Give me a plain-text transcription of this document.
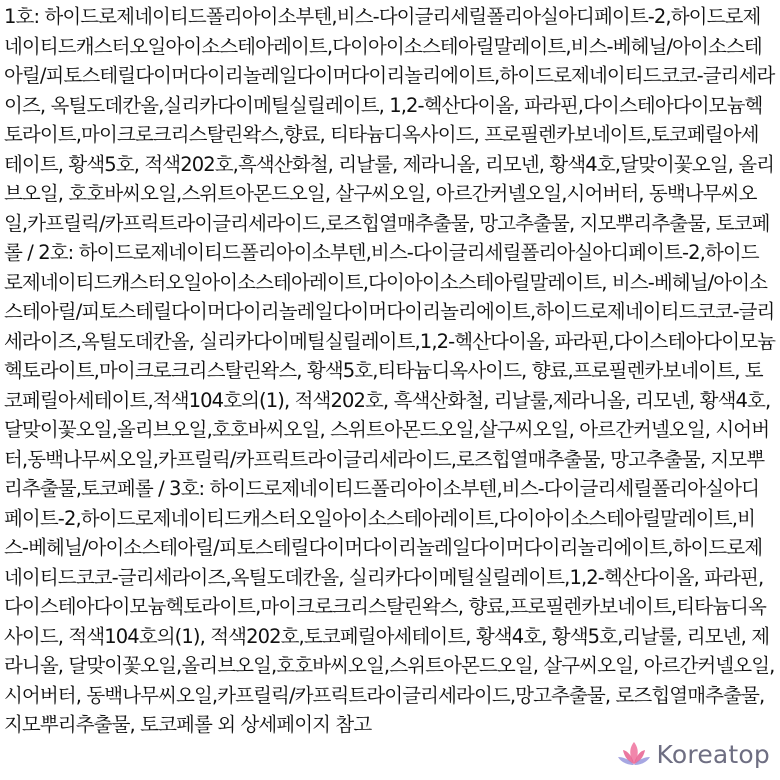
1호: 하이드로제네이티드폴리아이소부텐,비스-다이글리세릴폴리아실아디페이트-2,하이드로제네이티드캐스터오일아이소스테아레이트,다이아이소스테아릴말레이트,비스-베헤닐/아이소스테아릴/피토스테릴다이머다이리놀레일다이머다이리놀리에이트,하이드로제네이티드코코-글리세라이즈, 옥틸도데칸올,실리카다이메틸실릴레이트, 1,2-헥산다이올, 파라핀,다이스테아다이모늄헥토라이트,마이크로크리스탈린왁스,향료, 티타늄디옥사이드, 프로필렌카보네이트,토코페릴아세테이트, 황색5호, 적색202호,흑색산화철, 리날룰, 제라니올, 리모넨, 황색4호,달맞이꽃오일, 올리브오일, 호호바씨오일,스위트아몬드오일, 살구씨오일, 아르간커넬오일,시어버터, 동백나무씨오일,카프릴릭/카프릭트라이글리세라이드,로즈힙열매추출물, 망고추출물, 지모뿌리추출물, 토코페롤 / 2호: 하이드로제네이티드폴리아이소부텐,비스-다이글리세릴폴리아실아디페이트-2,하이드로제네이티드캐스터오일아이소스테아레이트,다이아이소스테아릴말레이트, 비스-베헤닐/아이소스테아릴/피토스테릴다이머다이리놀레일다이머다이리놀리에이트,하이드로제네이티드코코-글리세라이즈,옥틸도데칸올, 실리카다이메틸실릴레이트,1,2-헥산다이올, 파라핀,다이스테아다이모늄헥토라이트,마이크로크리스탈린왁스, 황색5호,티타늄디옥사이드, 향료,프로필렌카보네이트, 토코페릴아세테이트,적색104호의(1), 적색202호, 흑색산화철, 리날룰,제라니올, 리모넨, 황색4호, 달맞이꽃오일,올리브오일,호호바씨오일, 스위트아몬드오일,살구씨오일, 아르간커넬오일, 시어버터,동백나무씨오일,카프릴릭/카프릭트라이글리세라이드,로즈힙열매추출물, 망고추출물, 지모뿌리추출물,토코페롤 / 3호: 하이드로제네이티드폴리아이소부텐,비스-다이글리세릴폴리아실아디페이트-2,하이드로제네이티드캐스터오일아이소스테아레이트,다이아이소스테아릴말레이트,비스-베헤닐/아이소스테아릴/피토스테릴다이머다이리놀레일다이머다이리놀리에이트,하이드로제네이티드코코-글리세라이즈,옥틸도데칸올, 실리카다이메틸실릴레이트,1,2-헥산다이올, 파라핀,다이스테아다이모늄헥토라이트,마이크로크리스탈린왁스, 향료,프로필렌카보네이트,티타늄디옥사이드, 적색104호의(1), 적색202호,토코페릴아세테이트, 황색4호, 황색5호,리날룰, 리모넨, 제라니올, 달맞이꽃오일,올리브오일,호호바씨오일,스위트아몬드오일, 살구씨오일, 아르간커넬오일,시어버터, 동백나무씨오일,카프릴릭/카프릭트라이글리세라이드,망고추출물, 로즈힙열매추출물,지모뿌리추출물, 토코페롤 외 상세페이지 참고
Koreatop
